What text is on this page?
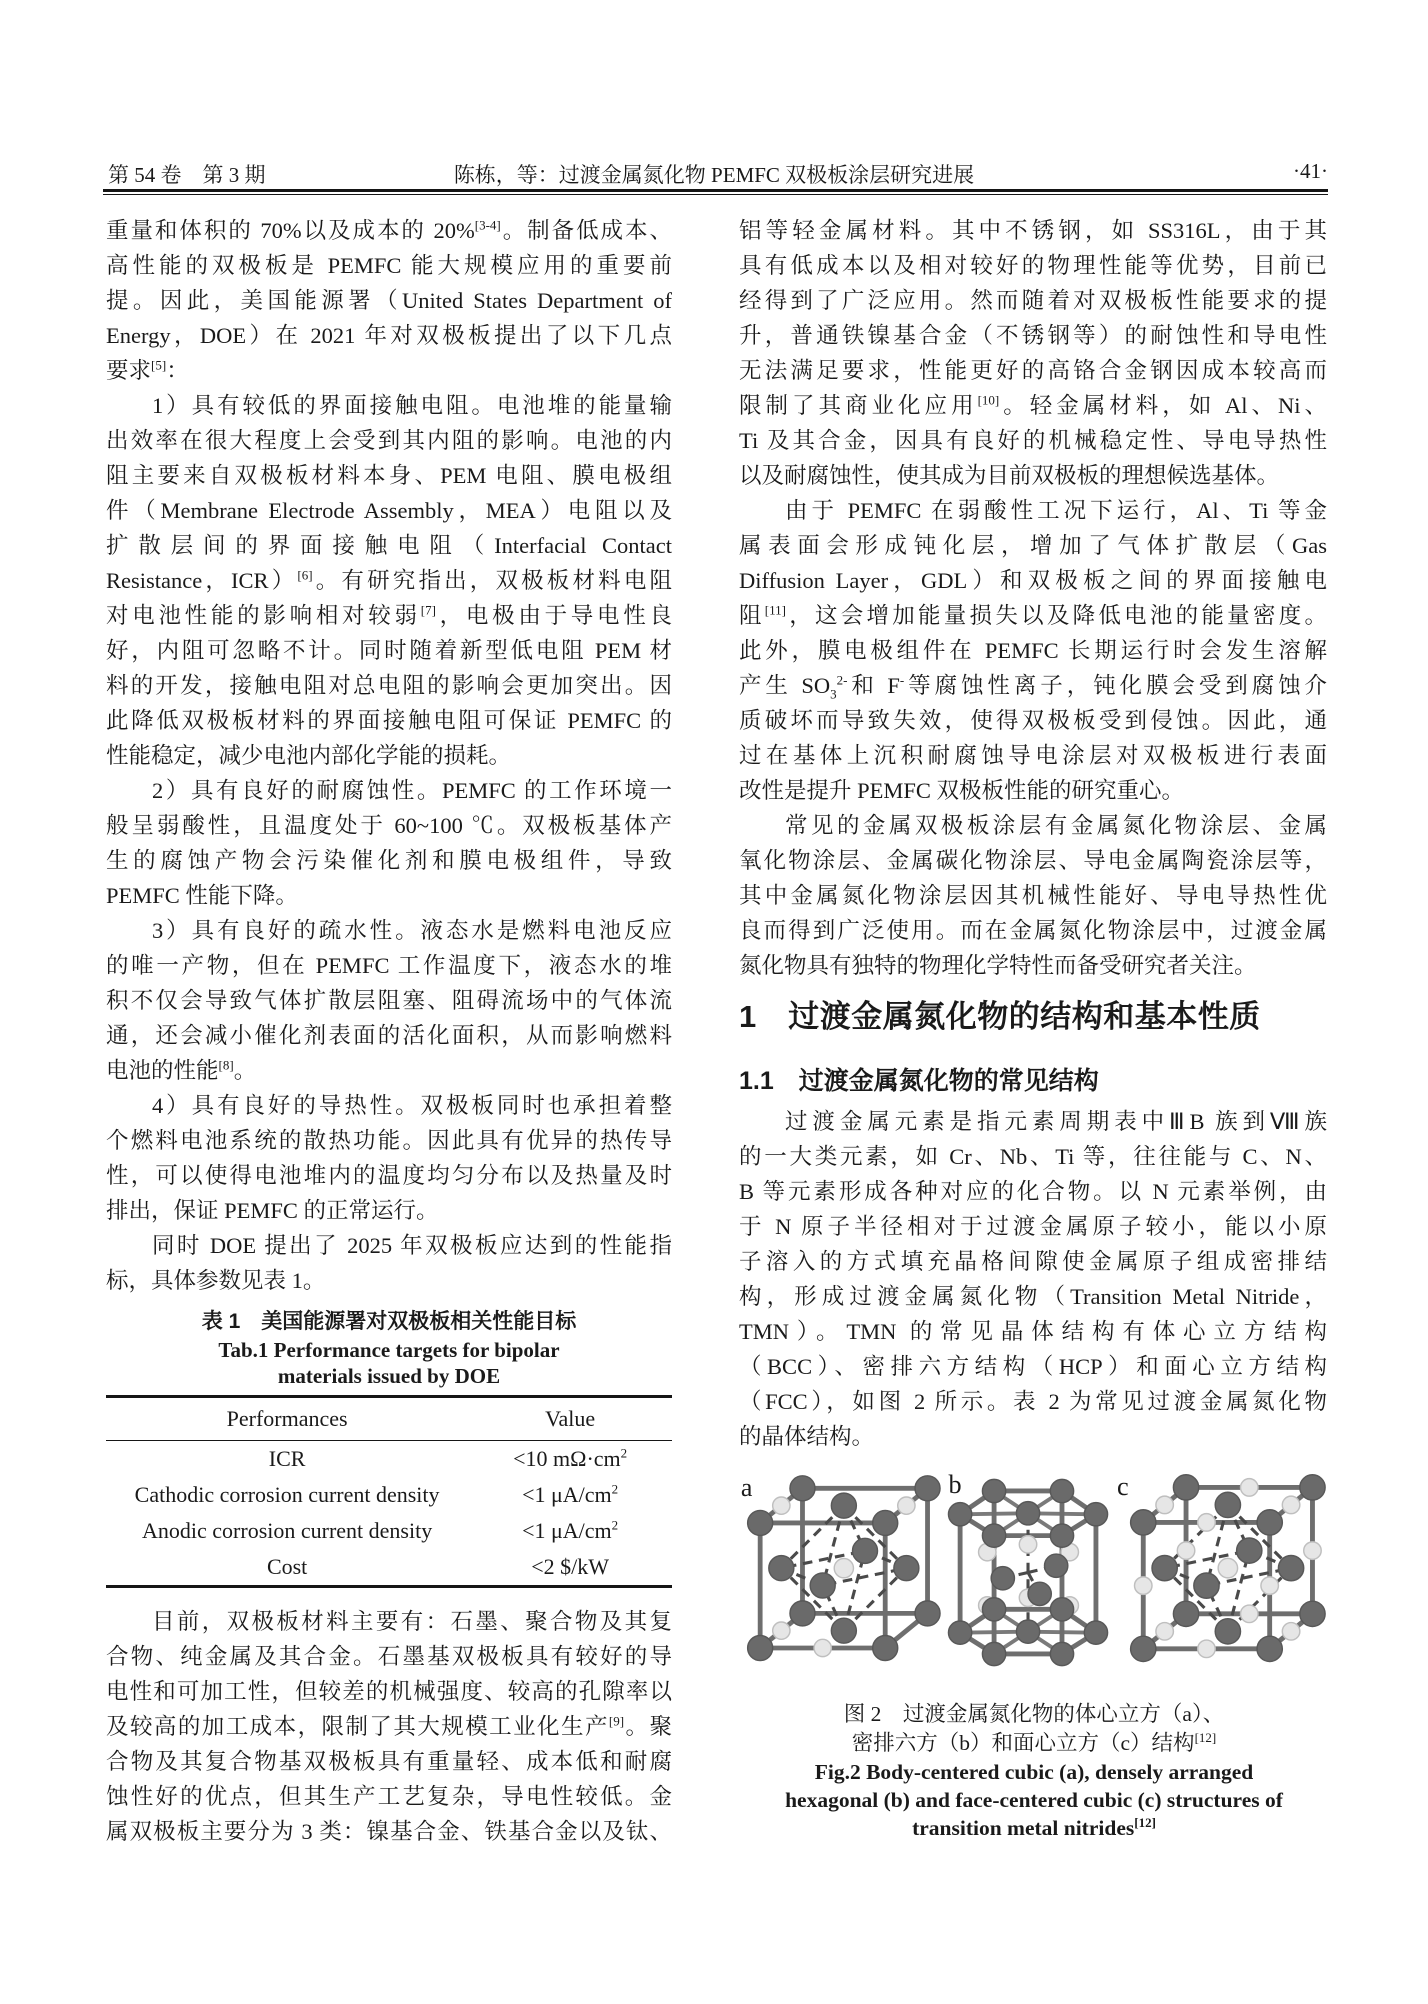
第 54 卷　第 3 期	陈栋，等：过渡金属氮化物 PEMFC 双极板涂层研究进展	·41·
重量和体积的 70%以及成本的 20%[3-4]。制备低成本、
高性能的双极板是 PEMFC 能大规模应用的重要前
提。因此，美国能源署（United States Department of
Energy，DOE）在 2021 年对双极板提出了以下几点
要求[5]：
1）具有较低的界面接触电阻。电池堆的能量输
出效率在很大程度上会受到其内阻的影响。电池的内
阻主要来自双极板材料本身、PEM 电阻、膜电极组
件（Membrane Electrode Assembly，MEA）电阻以及
扩散层间的界面接触电阻（Interfacial Contact
Resistance，ICR）[6]。有研究指出，双极板材料电阻
对电池性能的影响相对较弱[7]，电极由于导电性良
好，内阻可忽略不计。同时随着新型低电阻 PEM 材
料的开发，接触电阻对总电阻的影响会更加突出。因
此降低双极板材料的界面接触电阻可保证 PEMFC 的
性能稳定，减少电池内部化学能的损耗。
2）具有良好的耐腐蚀性。PEMFC 的工作环境一
般呈弱酸性，且温度处于 60~100 ℃。双极板基体产
生的腐蚀产物会污染催化剂和膜电极组件，导致
PEMFC 性能下降。
3）具有良好的疏水性。液态水是燃料电池反应
的唯一产物，但在 PEMFC 工作温度下，液态水的堆
积不仅会导致气体扩散层阻塞、阻碍流场中的气体流
通，还会减小催化剂表面的活化面积，从而影响燃料
电池的性能[8]。
4）具有良好的导热性。双极板同时也承担着整
个燃料电池系统的散热功能。因此具有优异的热传导
性，可以使得电池堆内的温度均匀分布以及热量及时
排出，保证 PEMFC 的正常运行。
同时 DOE 提出了 2025 年双极板应达到的性能指
标，具体参数见表 1。
表 1　美国能源署对双极板相关性能目标
Tab.1 Performance targets for bipolar
materials issued by DOE
Performances	Value
ICR	<10 $m\Omega\cdot cm^2$
Cathodic corrosion current density	<1 $\mu A/cm^2$
Anodic corrosion current density	<1 $\mu A/cm^2$
Cost	<2 $/kW
目前，双极板材料主要有：石墨、聚合物及其复
合物、纯金属及其合金。石墨基双极板具有较好的导
电性和可加工性，但较差的机械强度、较高的孔隙率以
及较高的加工成本，限制了其大规模工业化生产[9]。聚
合物及其复合物基双极板具有重量轻、成本低和耐腐
蚀性好的优点，但其生产工艺复杂，导电性较低。金
属双极板主要分为 3 类：镍基合金、铁基合金以及钛、
铝等轻金属材料。其中不锈钢，如 SS316L，由于其
具有低成本以及相对较好的物理性能等优势，目前已
经得到了广泛应用。然而随着对双极板性能要求的提
升，普通铁镍基合金（不锈钢等）的耐蚀性和导电性
无法满足要求，性能更好的高铬合金钢因成本较高而
限制了其商业化应用[10]。轻金属材料，如 Al、Ni、
Ti 及其合金，因具有良好的机械稳定性、导电导热性
以及耐腐蚀性，使其成为目前双极板的理想候选基体。
由于 PEMFC 在弱酸性工况下运行，Al、Ti 等金
属表面会形成钝化层，增加了气体扩散层（Gas
Diffusion Layer，GDL）和双极板之间的界面接触电
阻[11]，这会增加能量损失以及降低电池的能量密度。
此外，膜电极组件在 PEMFC 长期运行时会发生溶解
产生 $SO_3^{2-}$和 F-等腐蚀性离子，钝化膜会受到腐蚀介
质破坏而导致失效，使得双极板受到侵蚀。因此，通
过在基体上沉积耐腐蚀导电涂层对双极板进行表面
改性是提升 PEMFC 双极板性能的研究重心。
常见的金属双极板涂层有金属氮化物涂层、金属
氧化物涂层、金属碳化物涂层、导电金属陶瓷涂层等，
其中金属氮化物涂层因其机械性能好、导电导热性优
良而得到广泛使用。而在金属氮化物涂层中，过渡金属
氮化物具有独特的物理化学特性而备受研究者关注。
1　过渡金属氮化物的结构和基本性质
1.1　过渡金属氮化物的常见结构
过渡金属元素是指元素周期表中ⅢB 族到Ⅷ族
的一大类元素，如 Cr、Nb、Ti 等，往往能与 C、N、
B 等元素形成各种对应的化合物。以 N 元素举例，由
于 N 原子半径相对于过渡金属原子较小，能以小原
子溶入的方式填充晶格间隙使金属原子组成密排结
构，形成过渡金属氮化物（Transition Metal Nitride，
TMN）。TMN 的常见晶体结构有体心立方结构
（BCC）、密排六方结构（HCP）和面心立方结构
（FCC），如图 2 所示。表 2 为常见过渡金属氮化物
的晶体结构。
a	b	c
图 2　过渡金属氮化物的体心立方（a）、
密排六方（b）和面心立方（c）结构[12]
Fig.2 Body-centered cubic (a), densely arranged
hexagonal (b) and face-centered cubic (c) structures of
transition metal nitrides[12]
